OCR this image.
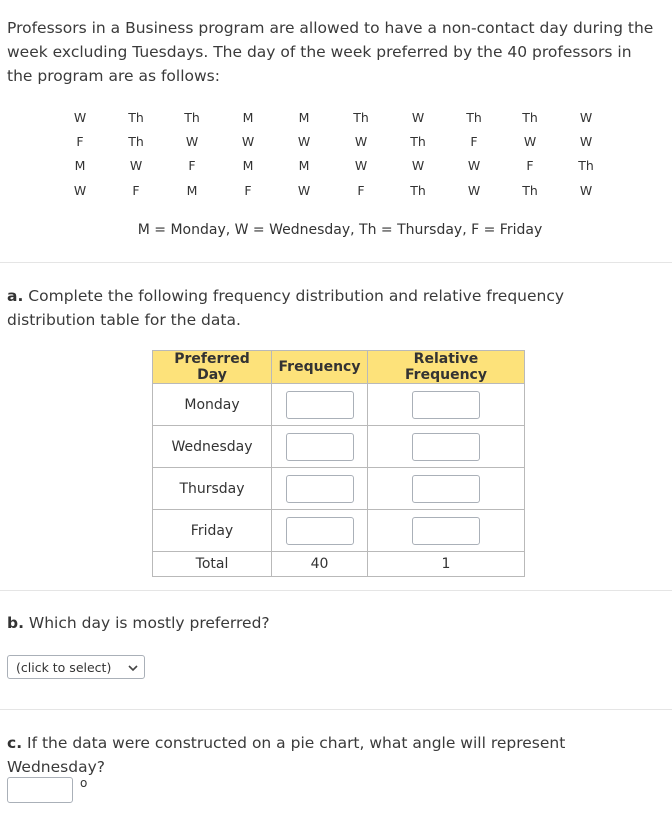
Professors in a Business program are allowed to have a non-contact day during the week excluding Tuesdays. The day of the week preferred by the 40 professors in the program are as follows:
W	Th	Th	M	M	Th	W	Th	Th	W
F	Th	W	W	W	W	Th	F	W	W
M	W	F	M	M	W	W	W	F	Th
W	F	M	F	W	F	Th	W	Th	W
M = Monday, W = Wednesday, Th = Thursday, F = Friday
a. Complete the following frequency distribution and relative frequency distribution table for the data.
Preferred Day	Frequency	Relative Frequency
Monday		
Wednesday		
Thursday		
Friday		
Total	40	1
b. Which day is mostly preferred?
(click to select)
c. If the data were constructed on a pie chart, what angle will represent Wednesday?
o
